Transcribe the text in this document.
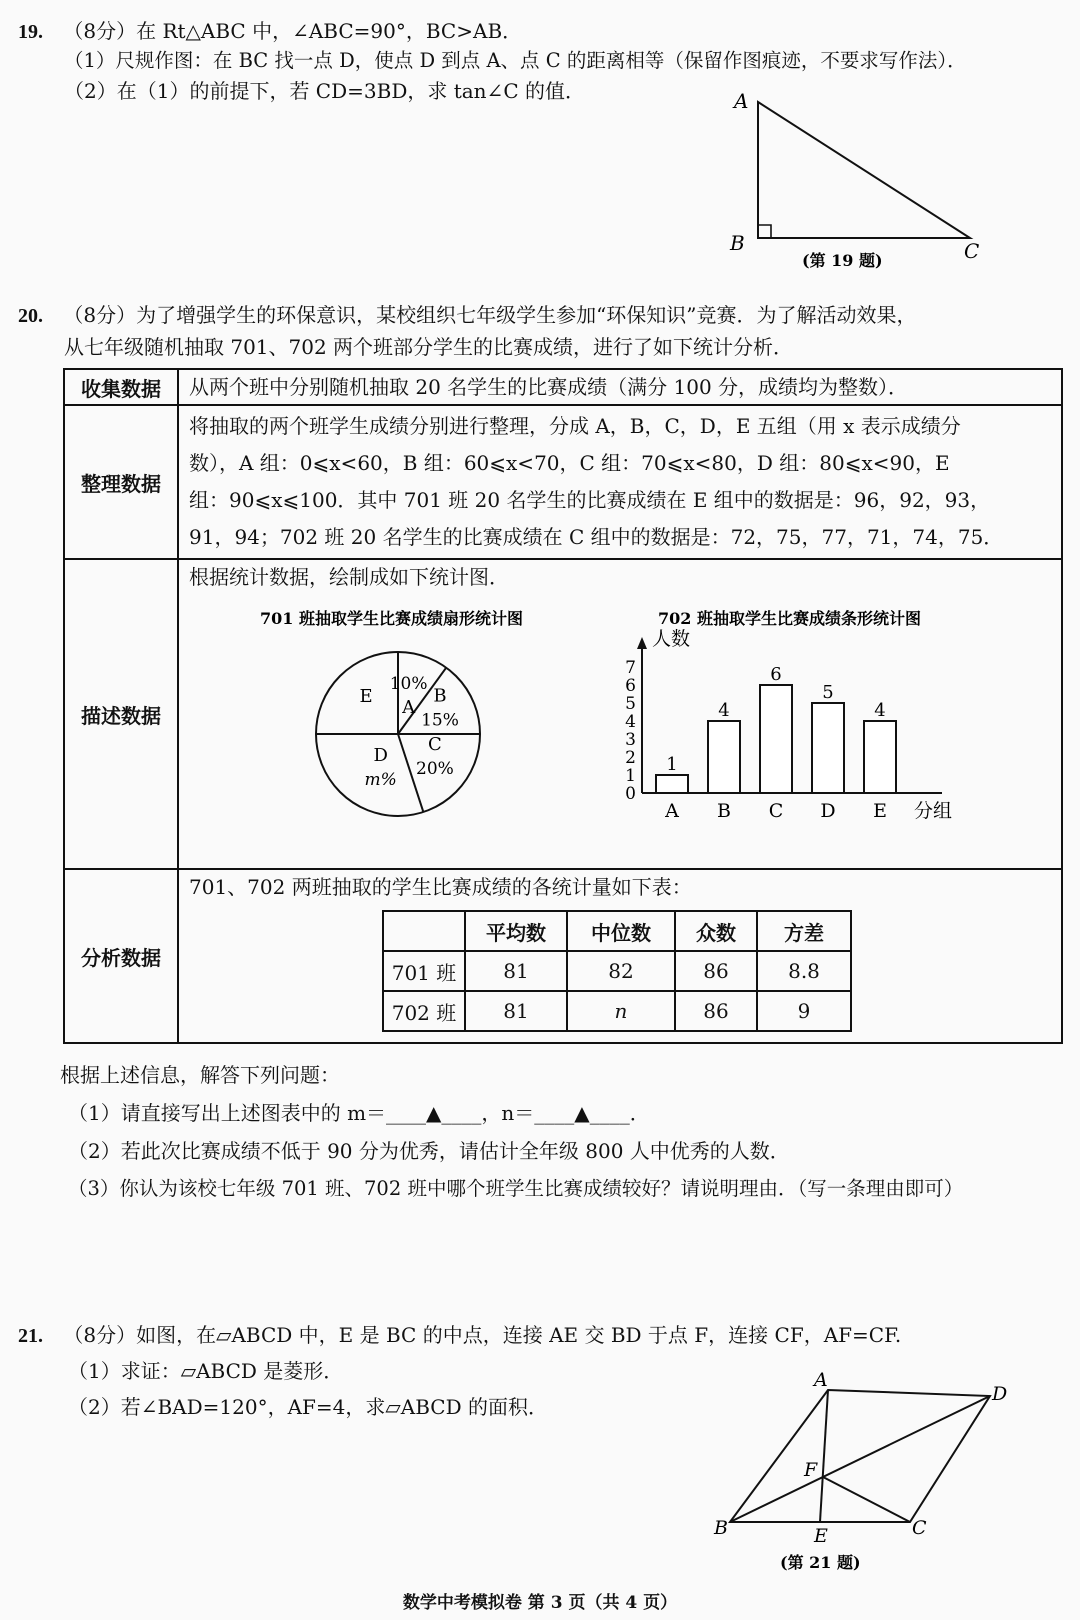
19. （8分）在 Rt△ABC 中，∠ABC=90°，BC>AB．
（1）尺规作图：在 BC 找一点 D，使点 D 到点 A、点 C 的距离相等（保留作图痕迹，不要求写作法）．
（2）在（1）的前提下，若 CD=3BD，求 tan∠C 的值．	A
B	C
(第 19 题)
20. （8分）为了增强学生的环保意识，某校组织七年级学生参加“环保知识”竞赛．为了解活动效果，
从七年级随机抽取 701、702 两个班部分学生的比赛成绩，进行了如下统计分析．
收集数据	从两个班中分别随机抽取 20 名学生的比赛成绩（满分 100 分，成绩均为整数）．

整理数据	将抽取的两个班学生成绩分别进行整理，分成 A，B，C，D，E 五组（用 x 表示成绩分
数），A 组：0⩽x<60，B 组：60⩽x<70，C 组：70⩽x<80，D 组：80⩽x<90，E
组：90⩽x⩽100．其中 701 班 20 名学生的比赛成绩在 E 组中的数据是：96，92，93，
91，94；702 班 20 名学生的比赛成绩在 C 组中的数据是：72，75，77，71，74，75．

描述数据	根据统计数据，绘制成如下统计图．

分析数据	701、702 两班抽取的学生比赛成绩的各统计量如下表：
701 班抽取学生比赛成绩扇形统计图
A
10%
B
15%
C
20%
D
m%
E
702 班抽取学生比赛成绩条形统计图
人数
分组
0
1
2
3
4
5
6
7
1
A
4
B
6
C
5
D
4
E
	平均数	中位数	众数	方差
701 班	81	82	86	8.8
702 班	81	n	86	9
根据上述信息，解答下列问题：
（1）请直接写出上述图表中的 m＝____▲____，n＝____▲____．
（2）若此次比赛成绩不低于 90 分为优秀，请估计全年级 800 人中优秀的人数．
（3）你认为该校七年级 701 班、702 班中哪个班学生比赛成绩较好？请说明理由．（写一条理由即可）
21. （8分）如图，在▱ABCD 中，E 是 BC 的中点，连接 AE 交 BD 于点 F，连接 CF，AF=CF.
（1）求证：▱ABCD 是菱形．
（2）若∠BAD=120°，AF=4，求▱ABCD 的面积．
A
D
F
B	E	C
(第 21 题)
数学中考模拟卷 第 3 页（共 4 页）
